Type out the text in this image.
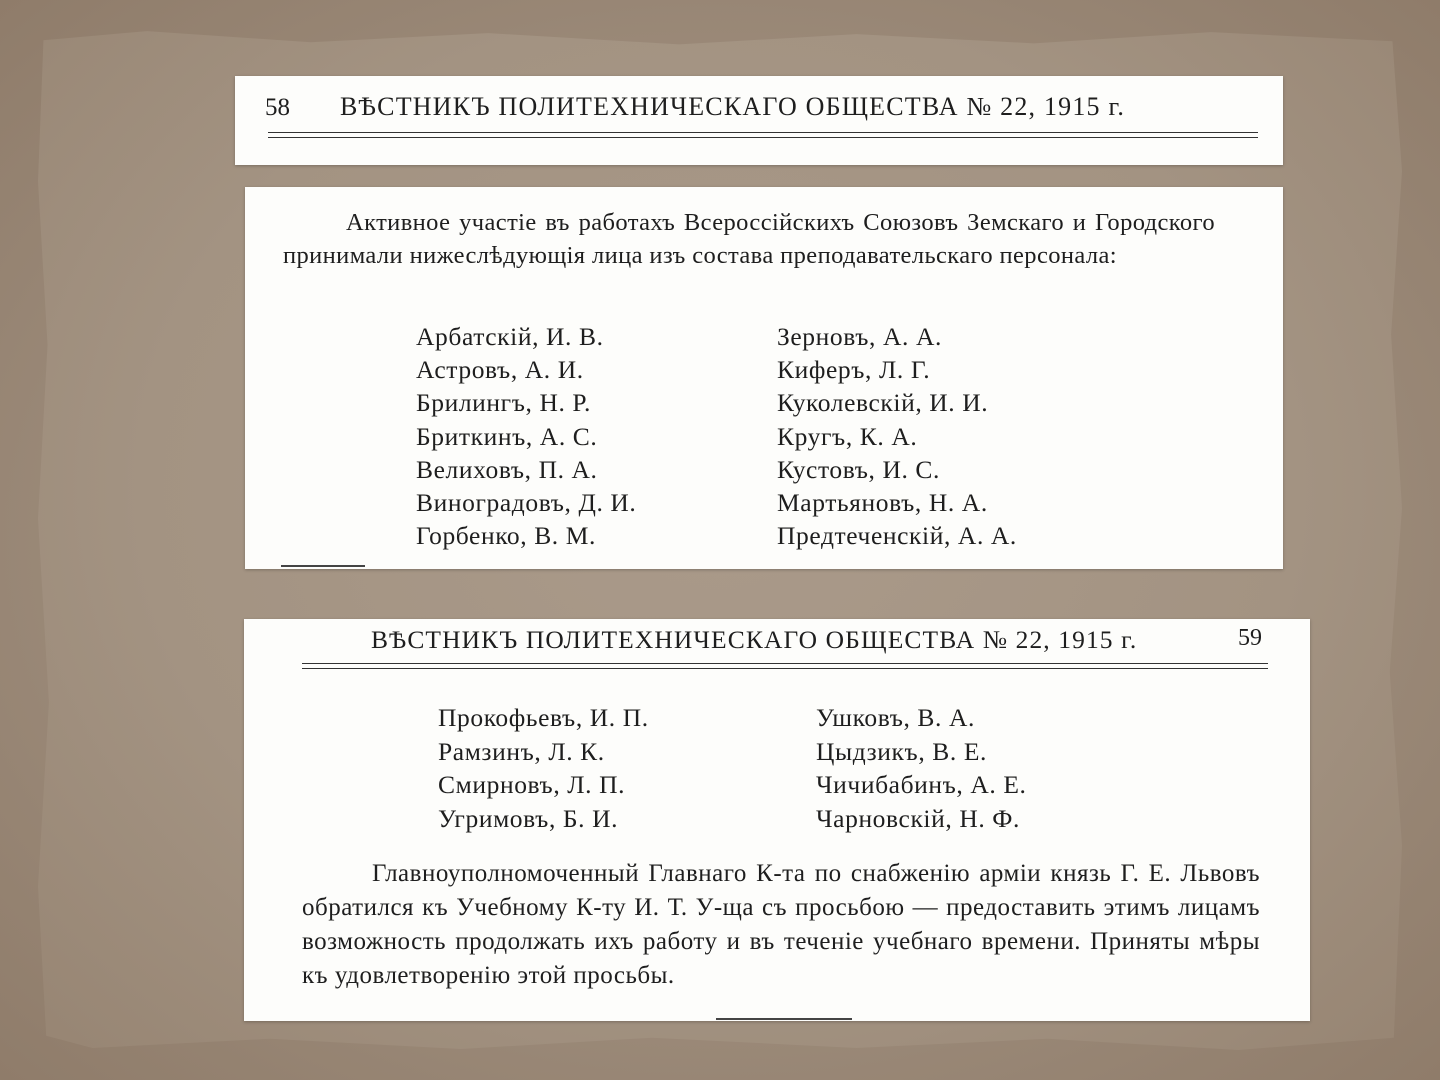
58 ВѢСТНИКЪ ПОЛИТЕХНИЧЕСКАГО ОБЩЕСТВА № 22, 1915 г.
Активное участіе въ работахъ Всероссійскихъ Союзовъ Земскаго и Городского принимали нижеслѣдующія лица изъ состава преподавательскаго персонала:
Арбатскій, И. В.
Астровъ, А. И.
Брилингъ, Н. Р.
Бриткинъ, А. С.
Велиховъ, П. А.
Виноградовъ, Д. И.
Горбенко, В. М.
Зерновъ, А. А.
Киферъ, Л. Г.
Куколевскій, И. И.
Кругъ, К. А.
Кустовъ, И. С.
Мартьяновъ, Н. А.
Предтеченскій, А. А.
ВѢСТНИКЪ ПОЛИТЕХНИЧЕСКАГО ОБЩЕСТВА № 22, 1915 г.	59
Прокофьевъ, И. П.
Рамзинъ, Л. К.
Смирновъ, Л. П.
Угримовъ, Б. И.
Ушковъ, В. А.
Цыдзикъ, В. Е.
Чичибабинъ, А. Е.
Чарновскій, Н. Ф.
Главноуполномоченный Главнаго К-та по снабженію арміи князь Г. Е. Львовъ обратился къ Учебному К-ту И. Т. У-ща съ просьбою — предоставить этимъ лицамъ возможность продолжать ихъ работу и въ теченіе учебнаго времени. Приняты мѣры къ удовлетворенію этой просьбы.
